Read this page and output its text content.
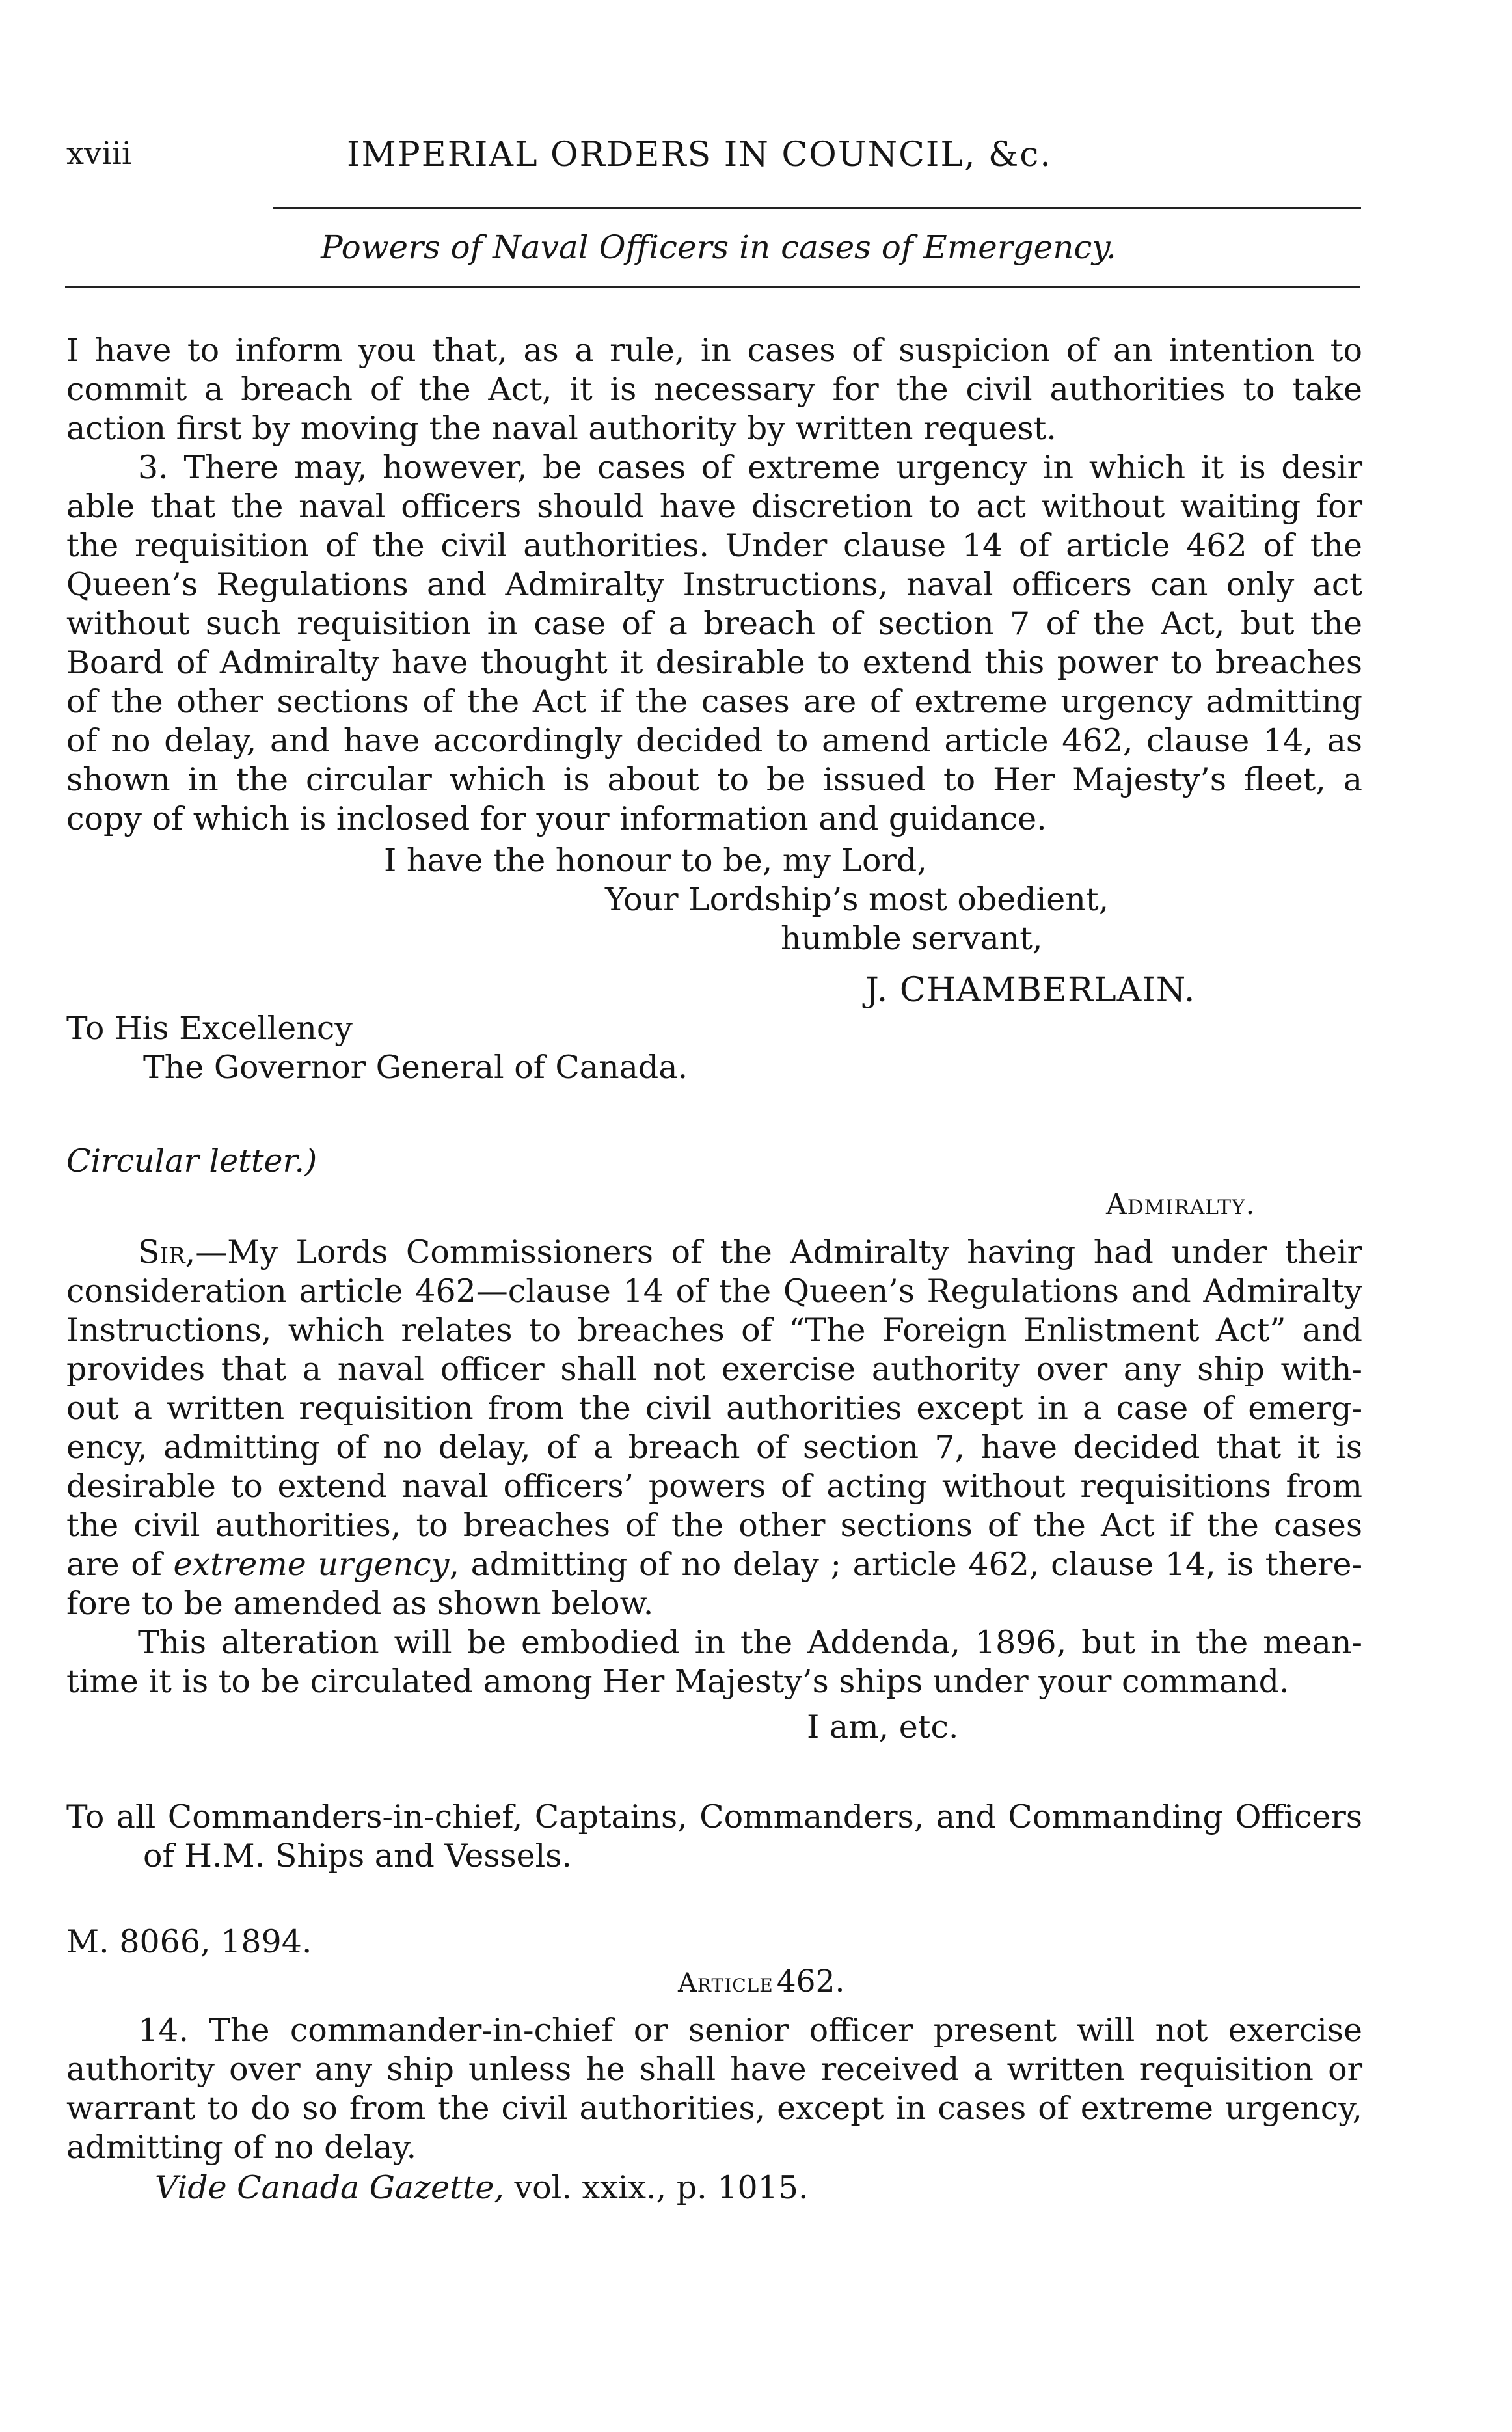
xviii	IMPERIAL ORDERS IN COUNCIL, &c.
Powers of Naval Officers in cases of Emergency.
I have to inform you that, as a rule, in cases of suspicion of an intention to
commit a breach of the Act, it is necessary for the civil authorities to take
action first by moving the naval authority by written request.
3. There may, however, be cases of extreme urgency in which it is desir
able that the naval officers should have discretion to act without waiting for
the requisition of the civil authorities. Under clause 14 of article 462 of the
Queen’s Regulations and Admiralty Instructions, naval officers can only act
without such requisition in case of a breach of section 7 of the Act, but the
Board of Admiralty have thought it desirable to extend this power to breaches
of the other sections of the Act if the cases are of extreme urgency admitting
of no delay, and have accordingly decided to amend article 462, clause 14, as
shown in the circular which is about to be issued to Her Majesty’s fleet, a
copy of which is inclosed for your information and guidance.
I have the honour to be, my Lord,
Your Lordship’s most obedient,
humble servant,
J. CHAMBERLAIN.
To His Excellency
The Governor General of Canada.
Circular letter.)
Admiralty.
Sir,—My Lords Commissioners of the Admiralty having had under their
consideration article 462—clause 14 of the Queen’s Regulations and Admiralty
Instructions, which relates to breaches of “The Foreign Enlistment Act” and
provides that a naval officer shall not exercise authority over any ship with-
out a written requisition from the civil authorities except in a case of emerg-
ency, admitting of no delay, of a breach of section 7, have decided that it is
desirable to extend naval officers’ powers of acting without requisitions from
the civil authorities, to breaches of the other sections of the Act if the cases
are of extreme urgency, admitting of no delay ; article 462, clause 14, is there-
fore to be amended as shown below.
This alteration will be embodied in the Addenda, 1896, but in the mean-
time it is to be circulated among Her Majesty’s ships under your command.
I am, etc.
To all Commanders-in-chief, Captains, Commanders, and Commanding Officers
of H.M. Ships and Vessels.
M. 8066, 1894.
Article 462.
14. The commander-in-chief or senior officer present will not exercise
authority over any ship unless he shall have received a written requisition or
warrant to do so from the civil authorities, except in cases of extreme urgency,
admitting of no delay.
Vide Canada Gazette, vol. xxix., p. 1015.
